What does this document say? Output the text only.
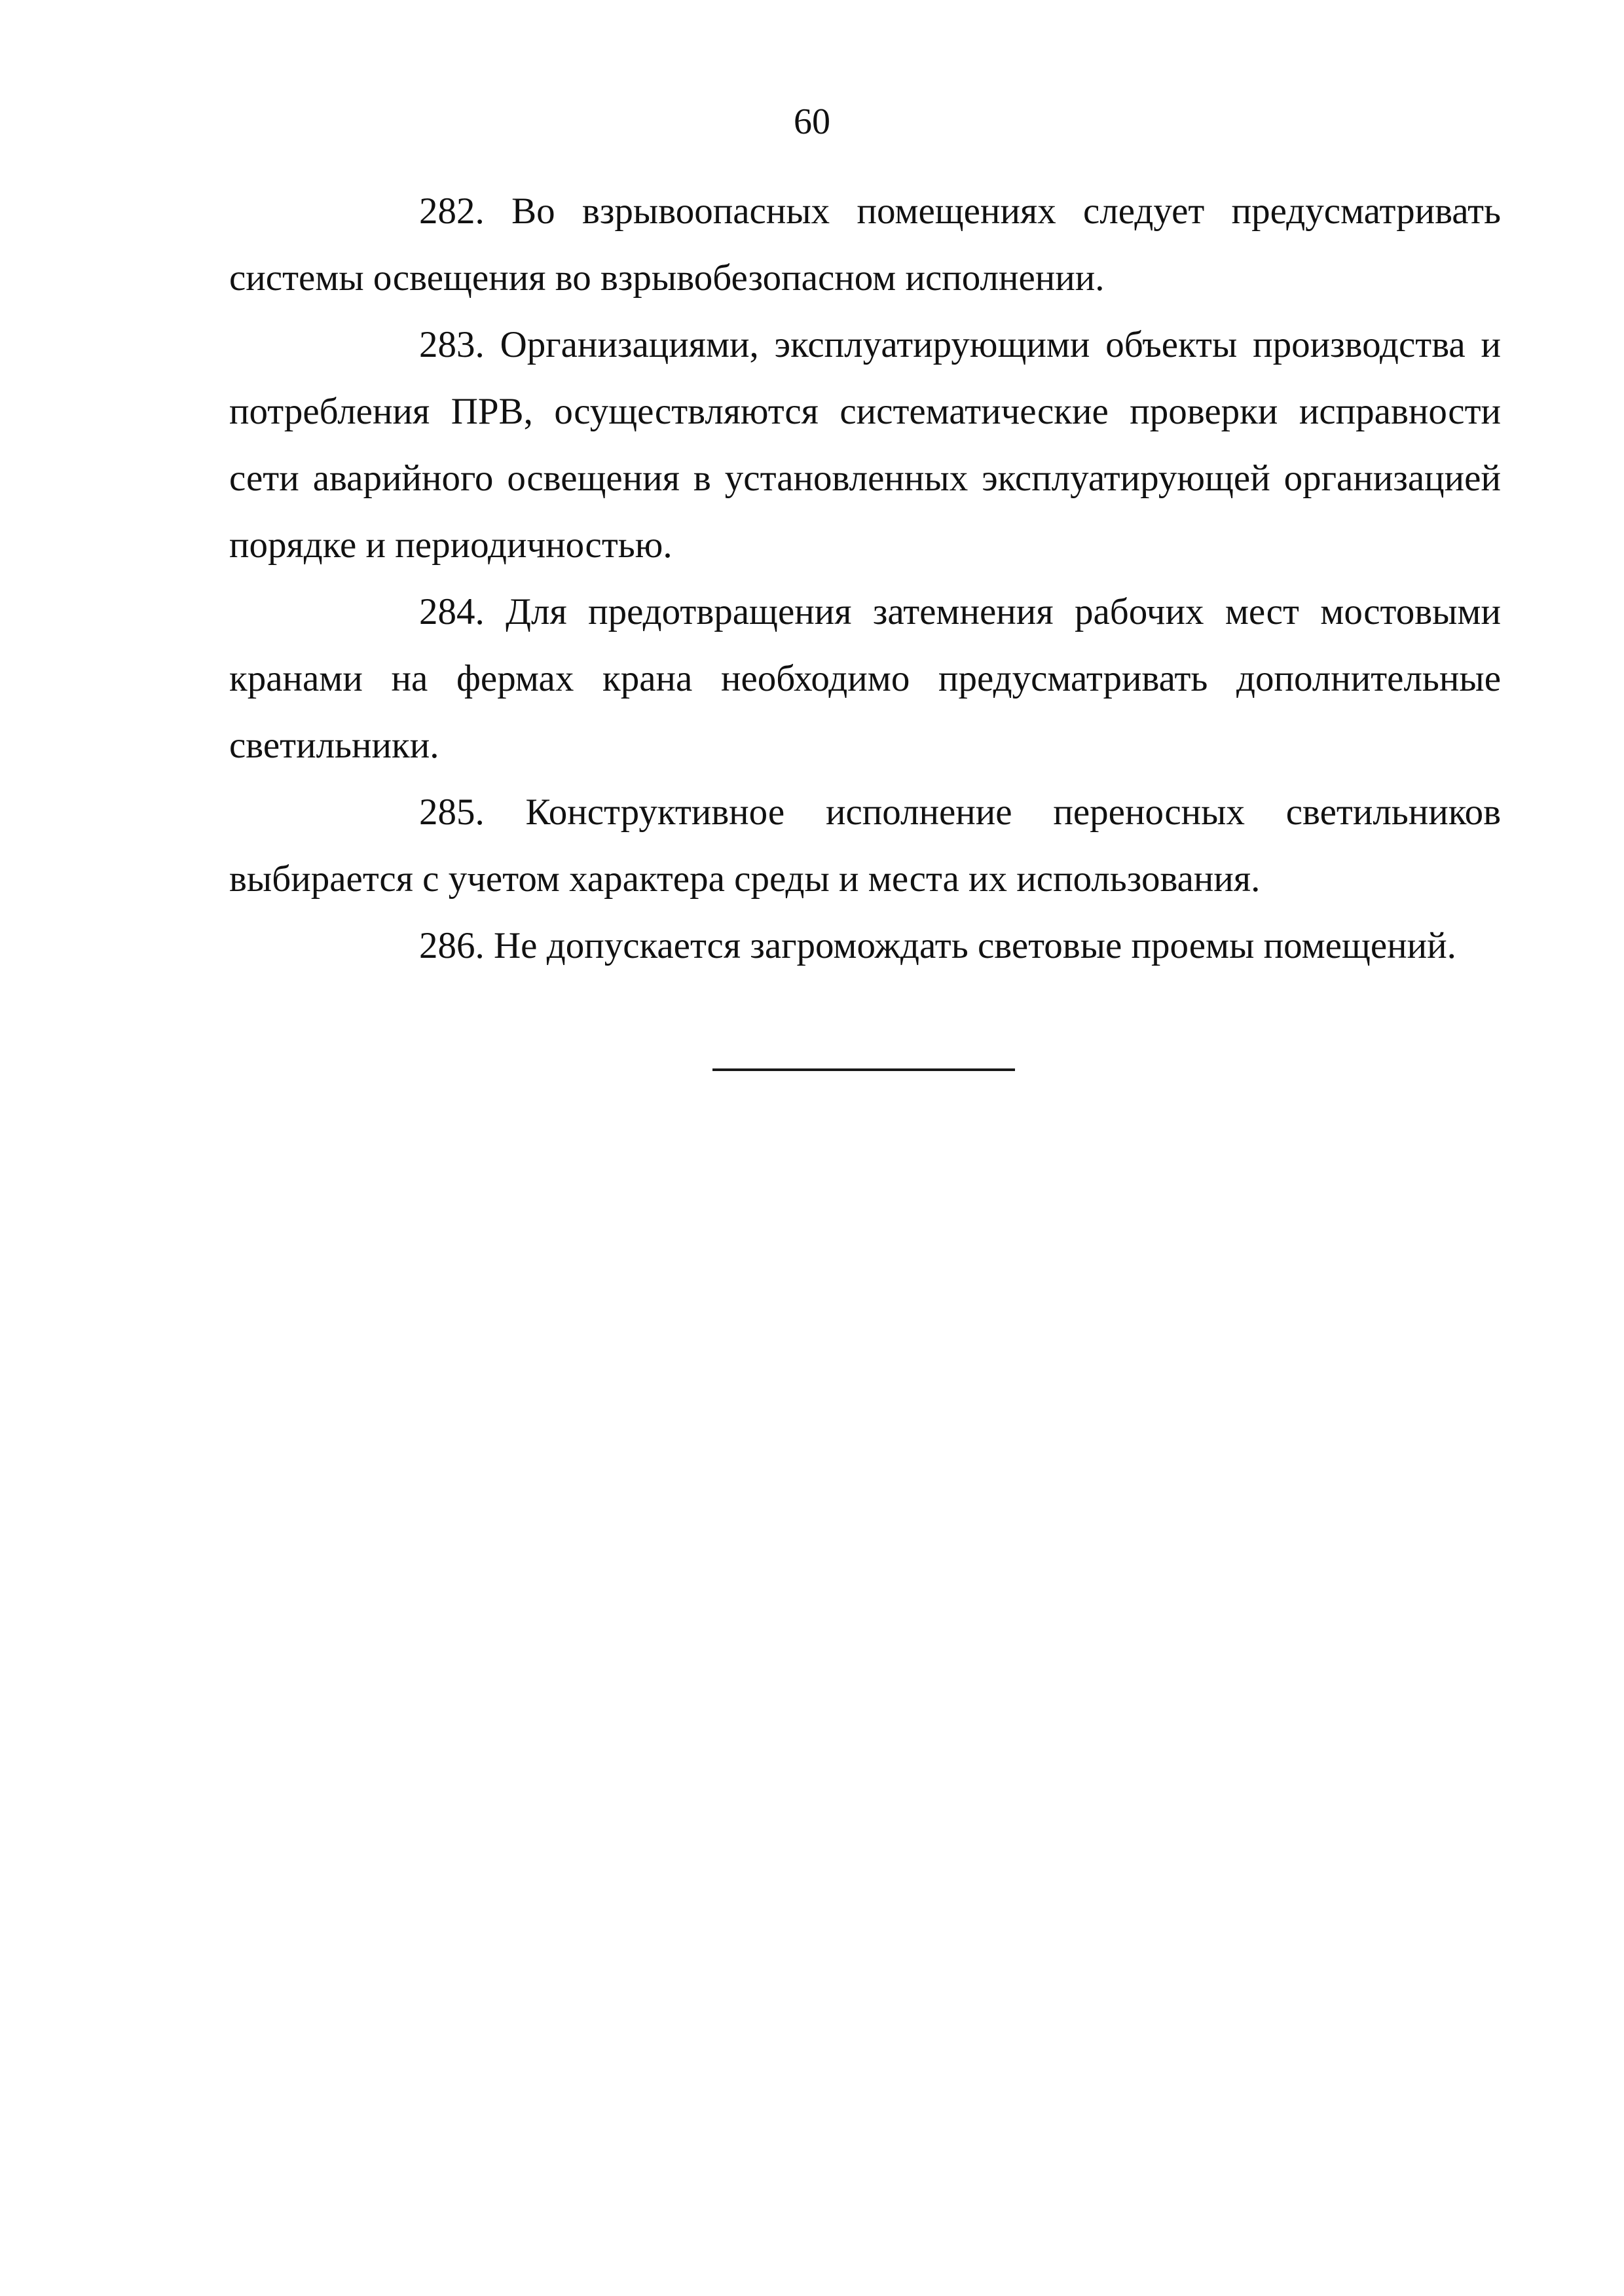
60

282. Во взрывоопасных помещениях следует предусматривать системы освещения во взрывобезопасном исполнении.

283. Организациями, эксплуатирующими объекты производства и потребления ПРВ, осуществляются систематические проверки исправности сети аварийного освещения в установленных эксплуатирующей организацией порядке и периодичностью.

284. Для предотвращения затемнения рабочих мест мостовыми кранами на фермах крана необходимо предусматривать дополнительные светильники.

285. Конструктивное исполнение переносных светильников выбирается с учетом характера среды и места их использования.

286. Не допускается загромождать световые проемы помещений.
